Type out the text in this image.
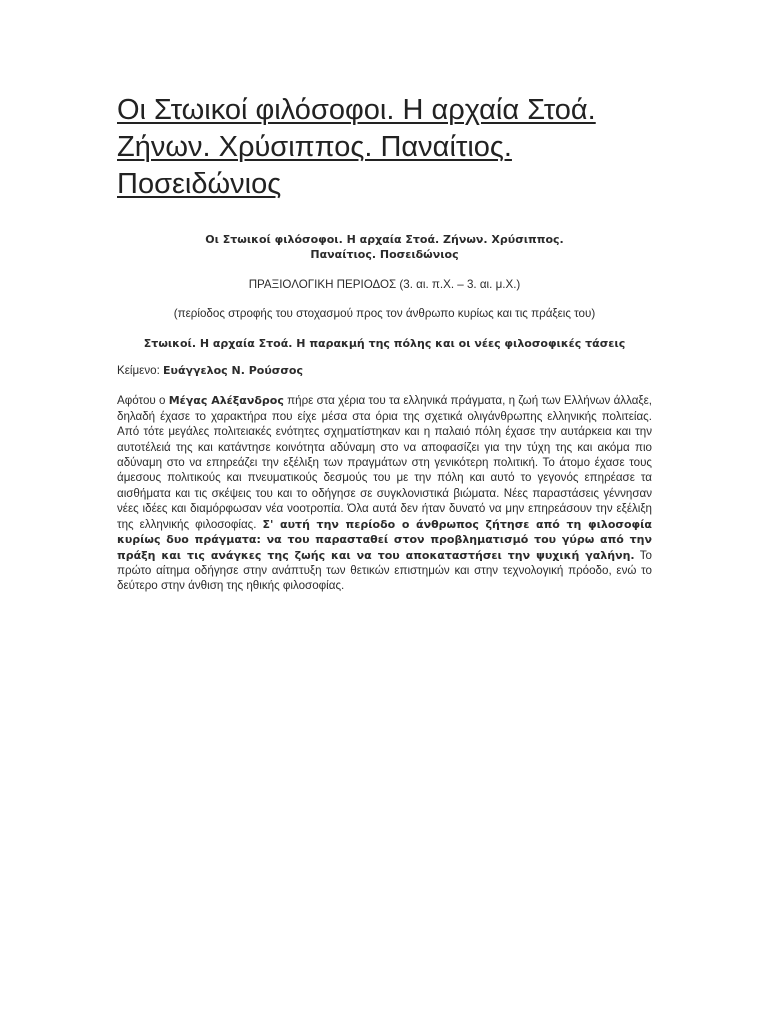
Οι Στωικοί φιλόσοφοι. Η αρχαία Στοά. Ζήνων. Χρύσιππος. Παναίτιος. Ποσειδώνιος

Οι Στωικοί φιλόσοφοι. Η αρχαία Στοά. Ζήνων. Χρύσιππος.
Παναίτιος. Ποσειδώνιος

ΠΡΑΞΙΟΛΟΓΙΚΗ ΠΕΡΙΟΔΟΣ (3. αι. π.Χ. – 3. αι. μ.Χ.)

(περίοδος στροφής του στοχασμού προς τον άνθρωπο κυρίως και τις πράξεις του)

Στωικοί. Η αρχαία Στοά. Η παρακμή της πόλης και οι νέες φιλοσοφικές τάσεις

Κείμενο: Ευάγγελος Ν. Ρούσσος

Αφότου ο Μέγας Αλέξανδρος πήρε στα χέρια του τα ελληνικά πράγματα, η ζωή των Ελλήνων άλλαξε, δηλαδή έχασε το χαρακτήρα που είχε μέσα στα όρια της σχετικά ολιγάνθρωπης ελληνικής πολιτείας. Από τότε μεγάλες πολιτειακές ενότητες σχηματίστηκαν και η παλαιό πόλη έχασε την αυτάρκεια και την αυτοτέλειά της και κατάντησε κοινότητα αδύναμη στο να αποφασίζει για την τύχη της και ακόμα πιο αδύναμη στο να επηρεάζει την εξέλιξη των πραγμάτων στη γενικότερη πολιτική. Το άτομο έχασε τους άμεσους πολιτικούς και πνευματικούς δεσμούς του με την πόλη και αυτό το γεγονός επηρέασε τα αισθήματα και τις σκέψεις του και το οδήγησε σε συγκλονιστικά βιώματα. Νέες παραστάσεις γέννησαν νέες ιδέες και διαμόρφωσαν νέα νοοτροπία. Όλα αυτά δεν ήταν δυνατό να μην επηρεάσουν την εξέλιξη της ελληνικής φιλοσοφίας. Σ' αυτή την περίοδο ο άνθρωπος ζήτησε από τη φιλοσοφία κυρίως δυο πράγματα: να του παρασταθεί στον προβληματισμό του γύρω από την πράξη και τις ανάγκες της ζωής και να του αποκαταστήσει την ψυχική γαλήνη. Το πρώτο αίτημα οδήγησε στην ανάπτυξη των θετικών επιστημών και στην τεχνολογική πρόοδο, ενώ το δεύτερο στην άνθιση της ηθικής φιλοσοφίας.
